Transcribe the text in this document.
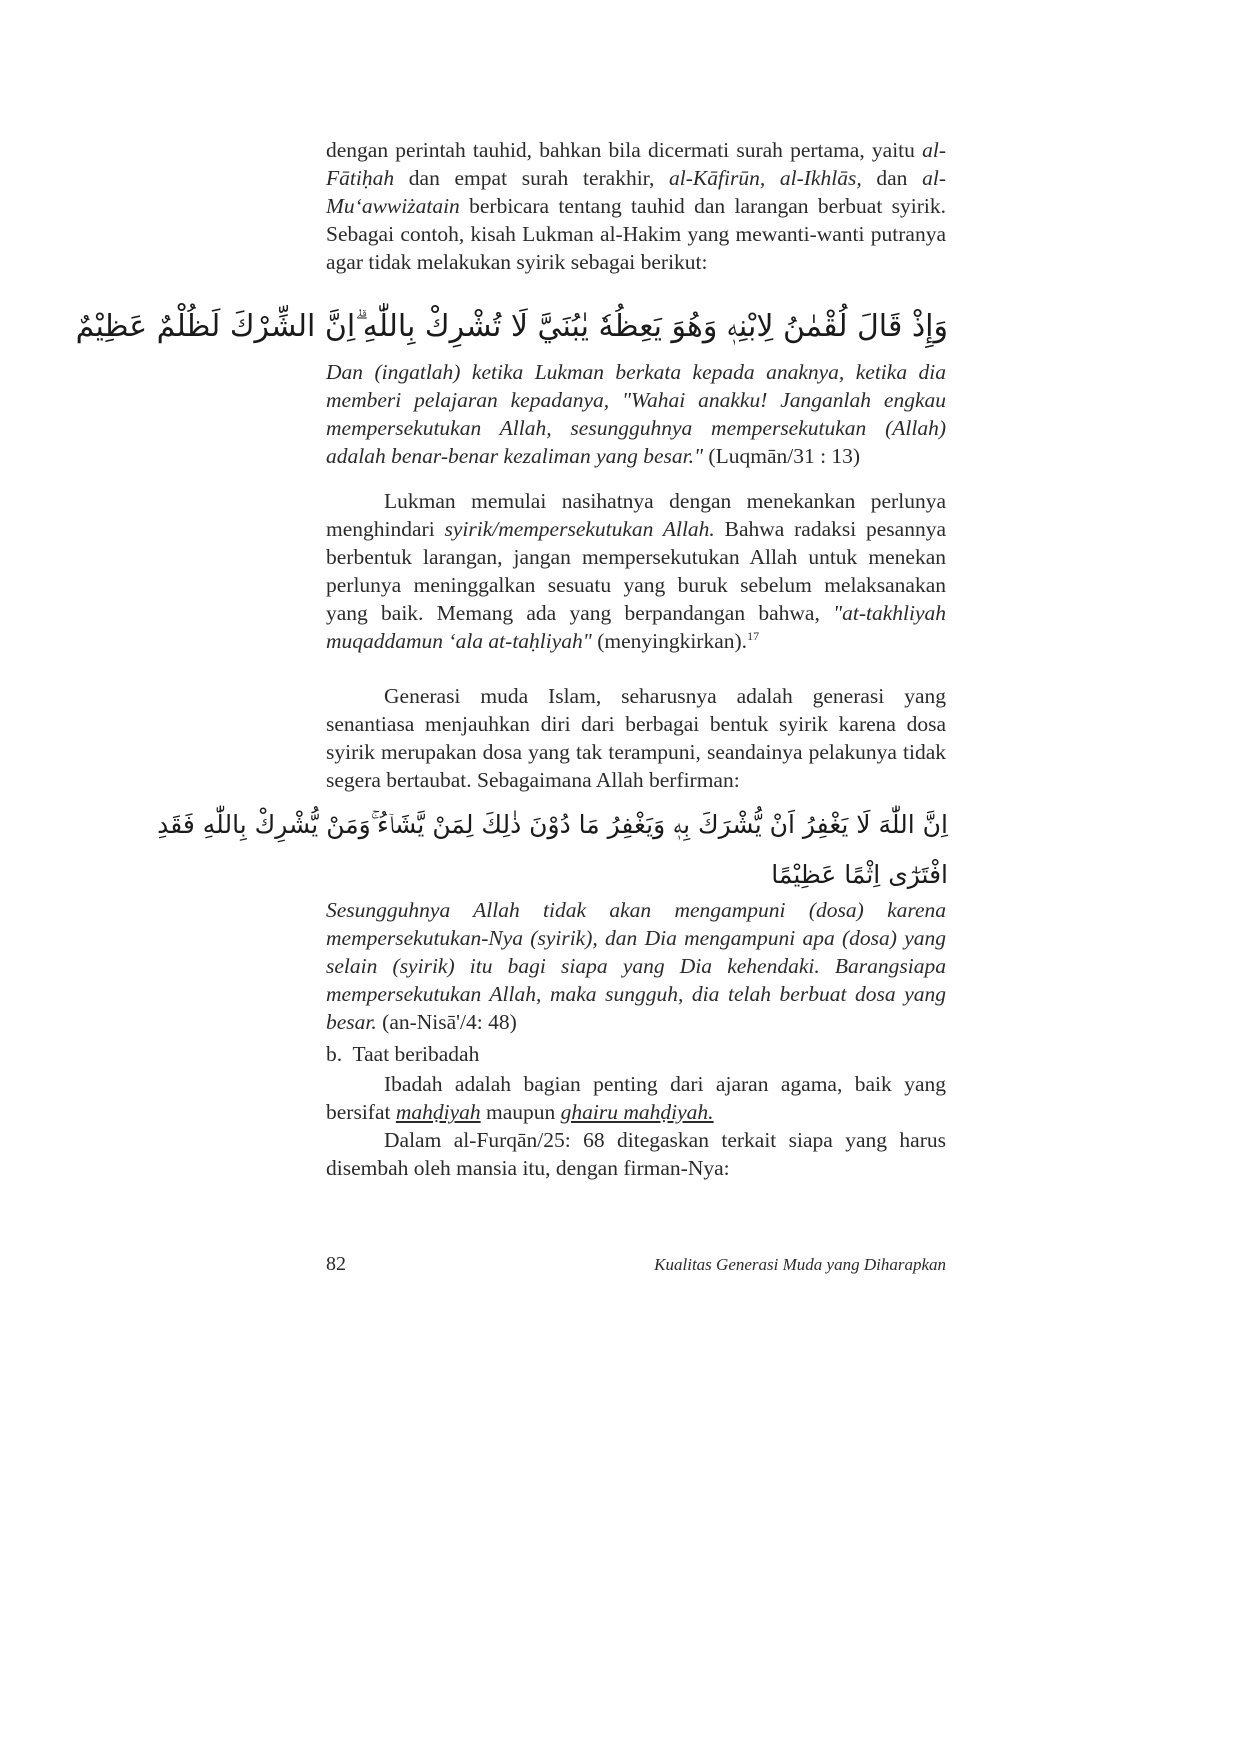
dengan perintah tauhid, bahkan bila dicermati surah pertama, yaitu al-Fātiḥah dan empat surah terakhir, al-Kāfirūn, al-Ikhlās, dan al-Mu‘awwiżatain berbicara tentang tauhid dan larangan berbuat syirik. Sebagai contoh, kisah Lukman al-Hakim yang mewanti-wanti putranya agar tidak melakukan syirik sebagai berikut:

وَإِذْ قَالَ لُقْمٰنُ لِابْنِهٖ وَهُوَ يَعِظُهٗ يٰبُنَيَّ لَا تُشْرِكْ بِاللّٰهِ ۗاِنَّ الشِّرْكَ لَظُلْمٌ عَظِيْمٌ

Dan (ingatlah) ketika Lukman berkata kepada anaknya, ketika dia memberi pelajaran kepadanya, "Wahai anakku! Janganlah engkau mempersekutukan Allah, sesungguhnya mempersekutukan (Allah) adalah benar-benar kezaliman yang besar." (Luqmān/31 : 13)

Lukman memulai nasihatnya dengan menekankan perlunya menghindari syirik/mempersekutukan Allah. Bahwa radaksi pesannya berbentuk larangan, jangan mempersekutukan Allah untuk menekan perlunya meninggalkan sesuatu yang buruk sebelum melaksanakan yang baik. Memang ada yang berpandangan bahwa, "at-takhliyah muqaddamun ‘ala at-taḥliyah" (menyingkirkan).$^{17}$

Generasi muda Islam, seharusnya adalah generasi yang senantiasa menjauhkan diri dari berbagai bentuk syirik karena dosa syirik merupakan dosa yang tak terampuni, seandainya pelakunya tidak segera bertaubat. Sebagaimana Allah berfirman:

اِنَّ اللّٰهَ لَا يَغْفِرُ اَنْ يُّشْرَكَ بِهٖ وَيَغْفِرُ مَا دُوْنَ ذٰلِكَ لِمَنْ يَّشَاۤءُ ۚوَمَنْ يُّشْرِكْ بِاللّٰهِ فَقَدِ
افْتَرٰٓى اِثْمًا عَظِيْمًا

Sesungguhnya Allah tidak akan mengampuni (dosa) karena mempersekutukan-Nya (syirik), dan Dia mengampuni apa (dosa) yang selain (syirik) itu bagi siapa yang Dia kehendaki. Barangsiapa mempersekutukan Allah, maka sungguh, dia telah berbuat dosa yang besar. (an-Nisā'/4: 48)

b.  Taat beribadah

Ibadah adalah bagian penting dari ajaran agama, baik yang bersifat mahḍiyah maupun ghairu mahḍiyah.

Dalam al-Furqān/25: 68 ditegaskan terkait siapa yang harus disembah oleh mansia itu, dengan firman-Nya:

82	Kualitas Generasi Muda yang Diharapkan
